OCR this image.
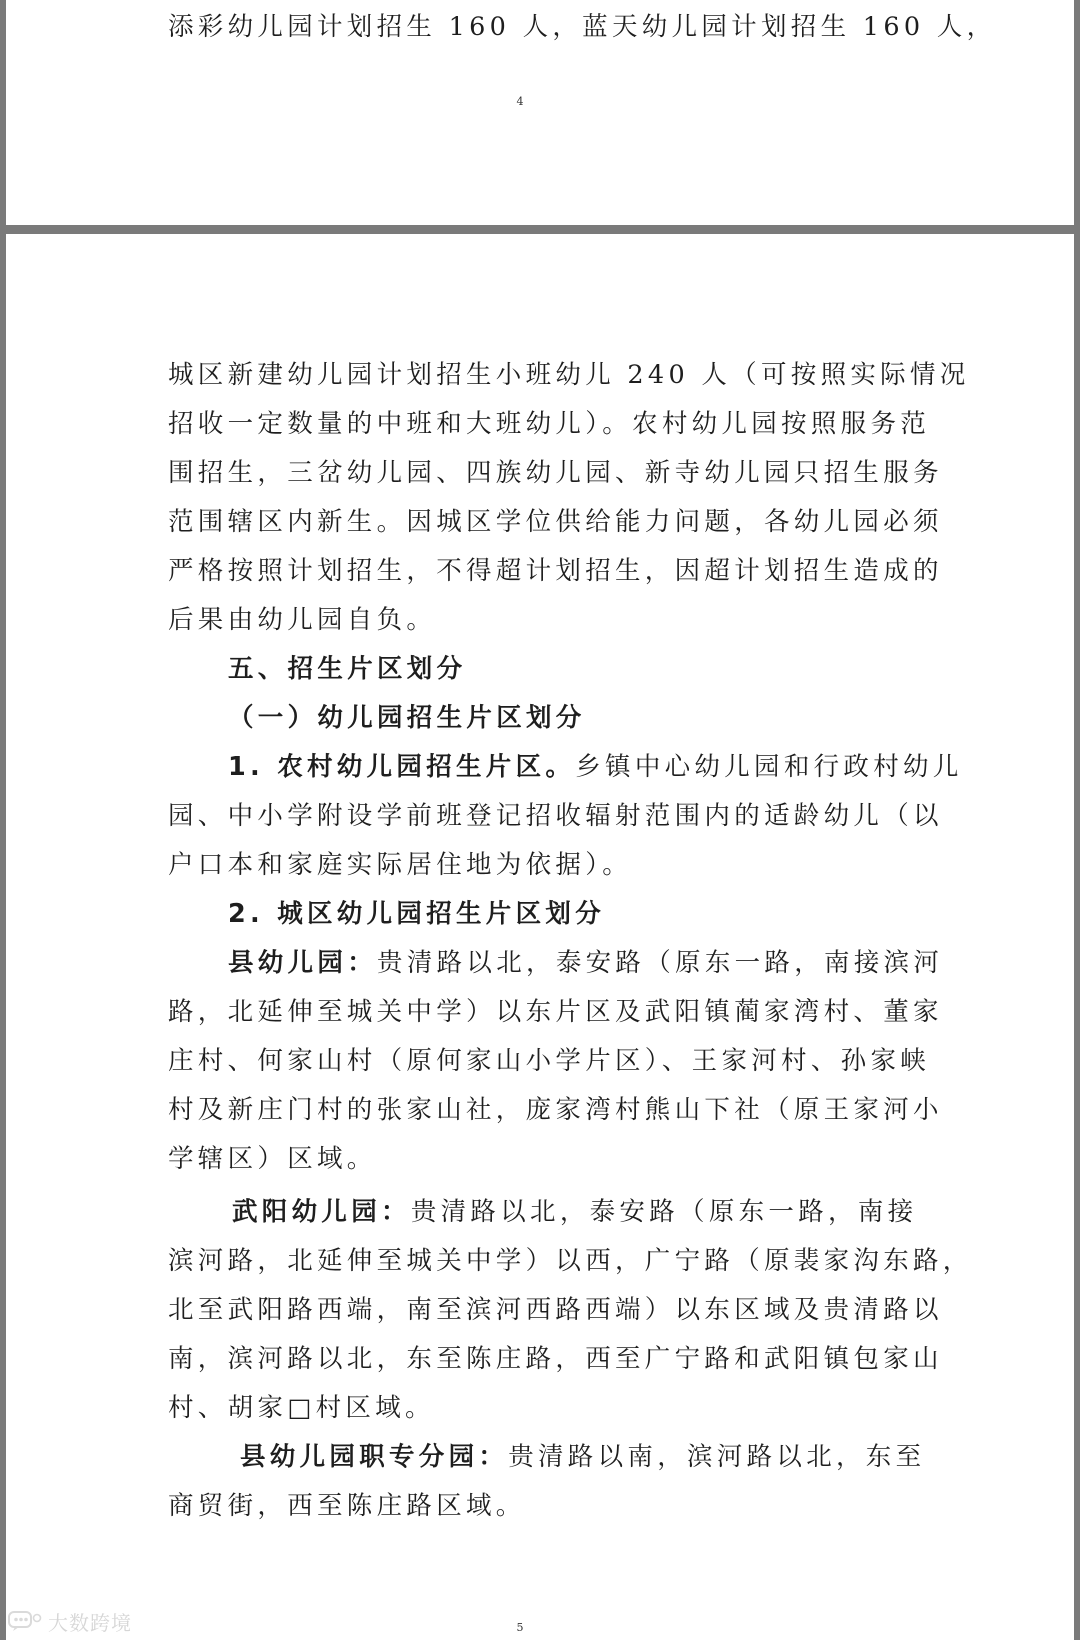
添彩幼儿园计划招生 160 人，蓝天幼儿园计划招生 160 人，
4
城区新建幼儿园计划招生小班幼儿 240 人（可按照实际情况
招收一定数量的中班和大班幼儿）。农村幼儿园按照服务范
围招生，三岔幼儿园、四族幼儿园、新寺幼儿园只招生服务
范围辖区内新生。因城区学位供给能力问题，各幼儿园必须
严格按照计划招生，不得超计划招生，因超计划招生造成的
后果由幼儿园自负。
五、招生片区划分
（一）幼儿园招生片区划分
1. 农村幼儿园招生片区。乡镇中心幼儿园和行政村幼儿
园、中小学附设学前班登记招收辐射范围内的适龄幼儿（以
户口本和家庭实际居住地为依据）。
2. 城区幼儿园招生片区划分
县幼儿园：贵清路以北，泰安路（原东一路，南接滨河
路，北延伸至城关中学）以东片区及武阳镇蔺家湾村、董家
庄村、何家山村（原何家山小学片区）、王家河村、孙家峡
村及新庄门村的张家山社，庞家湾村熊山下社（原王家河小
学辖区）区域。
武阳幼儿园：贵清路以北，泰安路（原东一路，南接
滨河路，北延伸至城关中学）以西，广宁路（原裴家沟东路，
北至武阳路西端，南至滨河西路西端）以东区域及贵清路以
南，滨河路以北，东至陈庄路，西至广宁路和武阳镇包家山
村、胡家□村区域。
县幼儿园职专分园：贵清路以南，滨河路以北，东至
商贸街，西至陈庄路区域。
5
大数跨境
